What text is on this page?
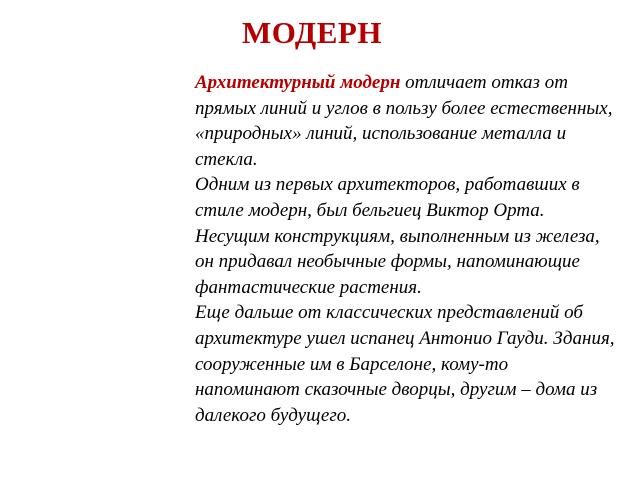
МОДЕРН

Архитектурный модерн отличает отказ от прямых линий и углов в пользу более естественных, «природных» линий, использование металла и стекла.

Одним из первых архитекторов, работавших в стиле модерн, был бельгиец Виктор Орта.

Несущим конструкциям, выполненным из железа, он придавал необычные формы, напоминающие фантастические растения.

Еще дальше от классических представлений об архитектуре ушел испанец Антонио Гауди. Здания, сооруженные им в Барселоне, кому-то напоминают сказочные дворцы, другим – дома из далекого будущего.
